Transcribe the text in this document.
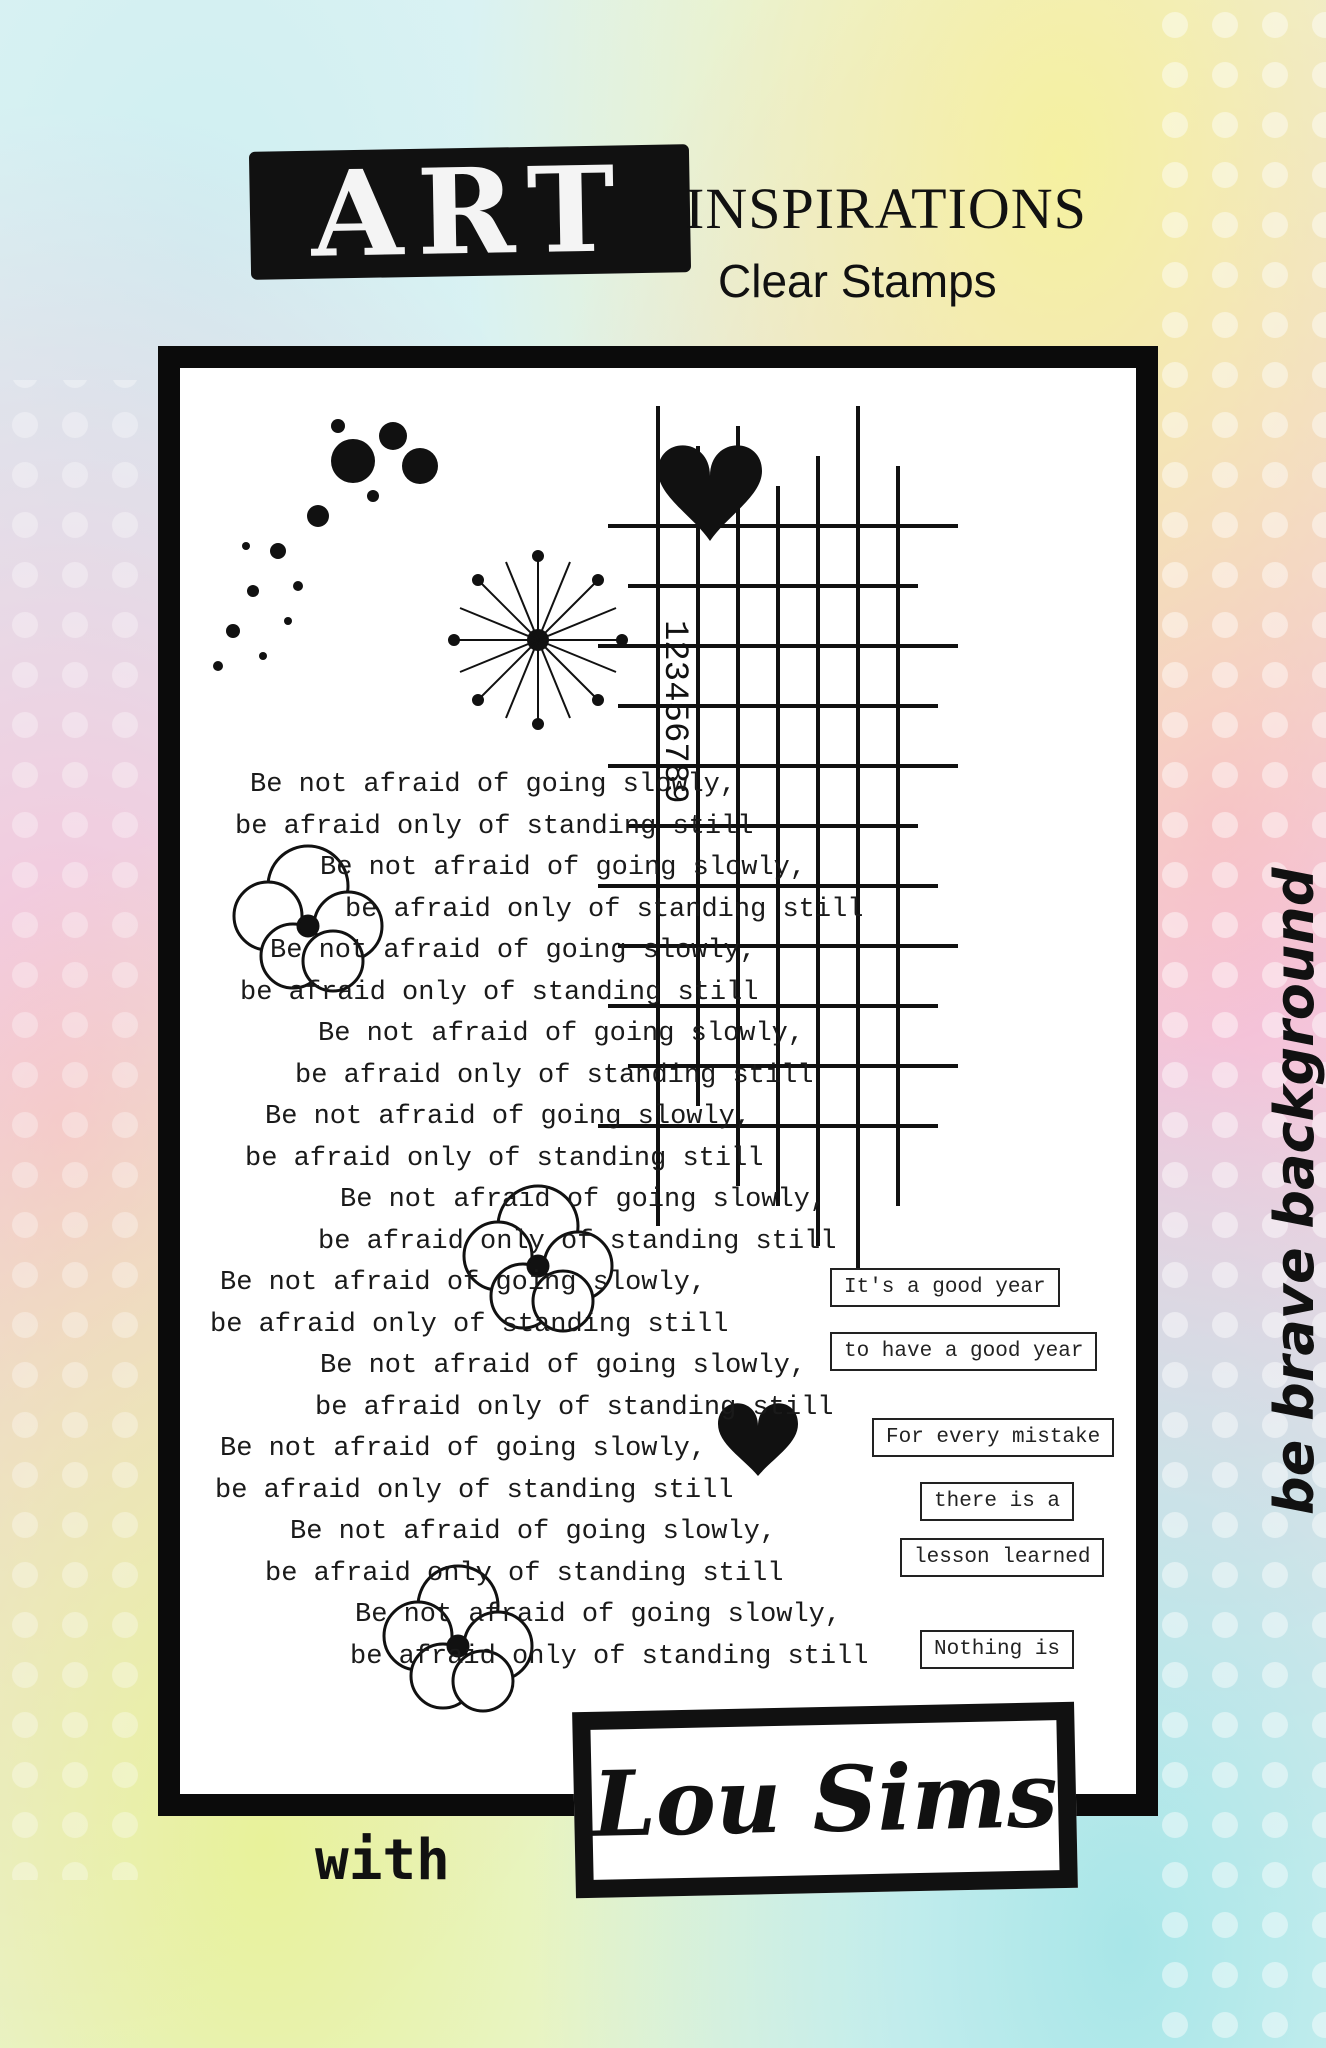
ART INSPIRATIONS
Clear Stamps
123456789
Be not afraid of going slowly,
be afraid only of standing still
Be not afraid of going slowly,
be afraid only of standing still
Be not afraid of going slowly,
be afraid only of standing still
Be not afraid of going slowly,
be afraid only of standing still
Be not afraid of going slowly,
be afraid only of standing still
Be not afraid of going slowly,
be afraid only of standing still
Be not afraid of going slowly,
be afraid only of standing still
Be not afraid of going slowly,
be afraid only of standing still
Be not afraid of going slowly,
be afraid only of standing still
Be not afraid of going slowly,
be afraid only of standing still
Be not afraid of going slowly,
be afraid only of standing still
It's a good year
to have a good year
For every mistake
there is a
lesson learned
Nothing is
be brave background
with
Lou Sims
